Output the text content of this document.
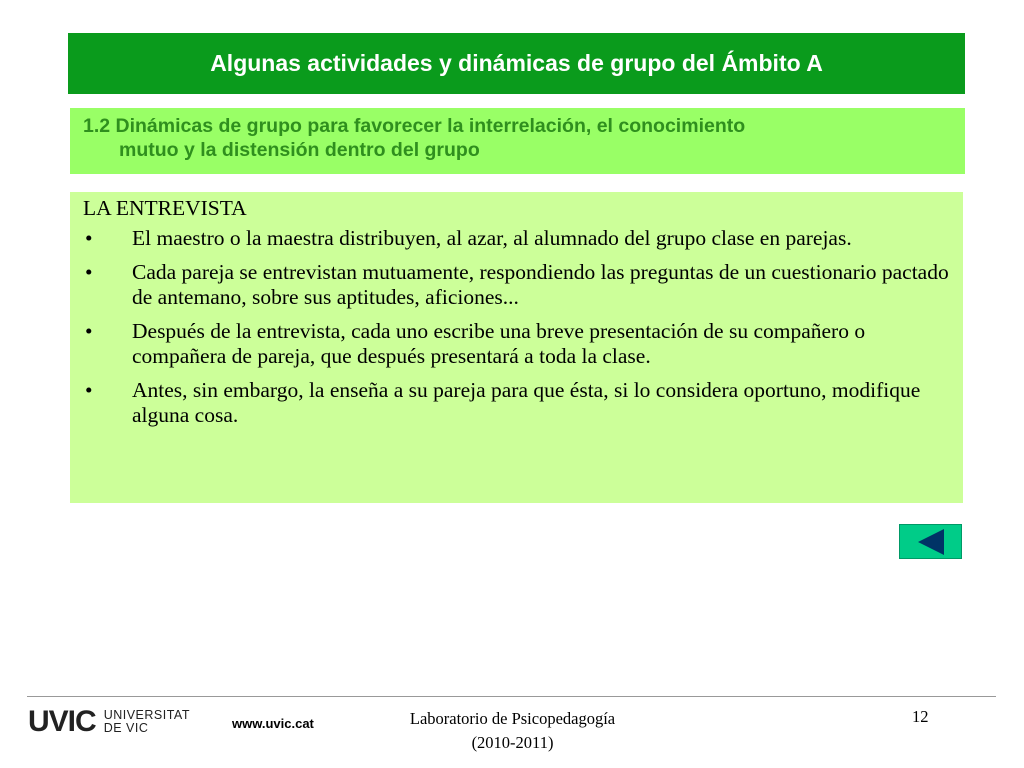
Algunas actividades y dinámicas de grupo del Ámbito A
1.2 Dinámicas de grupo para favorecer la interrelación, el conocimiento
mutuo y la distensión dentro del grupo
LA ENTREVISTA
• El maestro o la maestra distribuyen, al azar, al alumnado del grupo clase en parejas.
• Cada pareja se entrevistan mutuamente, respondiendo las preguntas de un cuestionario pactado de antemano, sobre sus aptitudes, aficiones...
• Después de la entrevista, cada uno escribe una breve presentación de su compañero o compañera de pareja, que después presentará a toda la clase.
• Antes, sin embargo, la enseña a su pareja para que ésta, si lo considera oportuno, modifique alguna cosa.
UVIC UNIVERSITAT
DE VIC	www.uvic.cat	Laboratorio de Psicopedagogía
(2010-2011)
12
